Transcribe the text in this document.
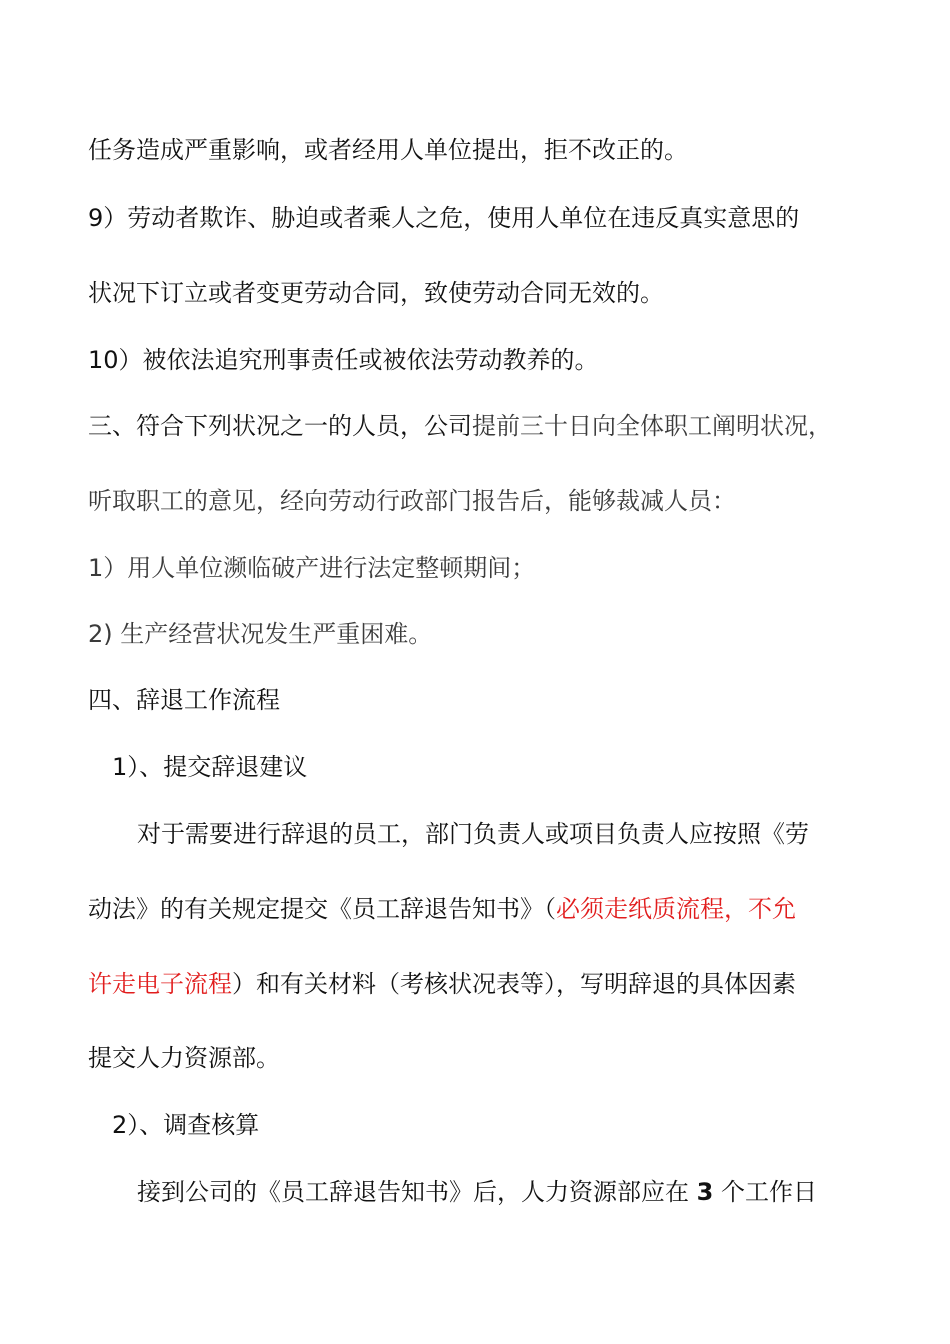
任务造成严重影响，或者经用人单位提出，拒不改正的。
9）劳动者欺诈、胁迫或者乘人之危，使用人单位在违反真实意思的
状况下订立或者变更劳动合同，致使劳动合同无效的。
10）被依法追究刑事责任或被依法劳动教养的。
三、符合下列状况之一的人员，公司提前三十日向全体职工阐明状况，
听取职工的意见，经向劳动行政部门报告后，能够裁减人员：
1）用人单位濒临破产进行法定整顿期间；
2) 生产经营状况发生严重困难。
四、辞退工作流程
1）、提交辞退建议
对于需要进行辞退的员工，部门负责人或项目负责人应按照《劳
动法》的有关规定提交《员工辞退告知书》（必须走纸质流程，不允
许走电子流程）和有关材料（考核状况表等），写明辞退的具体因素
提交人力资源部。
2）、调查核算
接到公司的《员工辞退告知书》后，人力资源部应在 3 个工作日
